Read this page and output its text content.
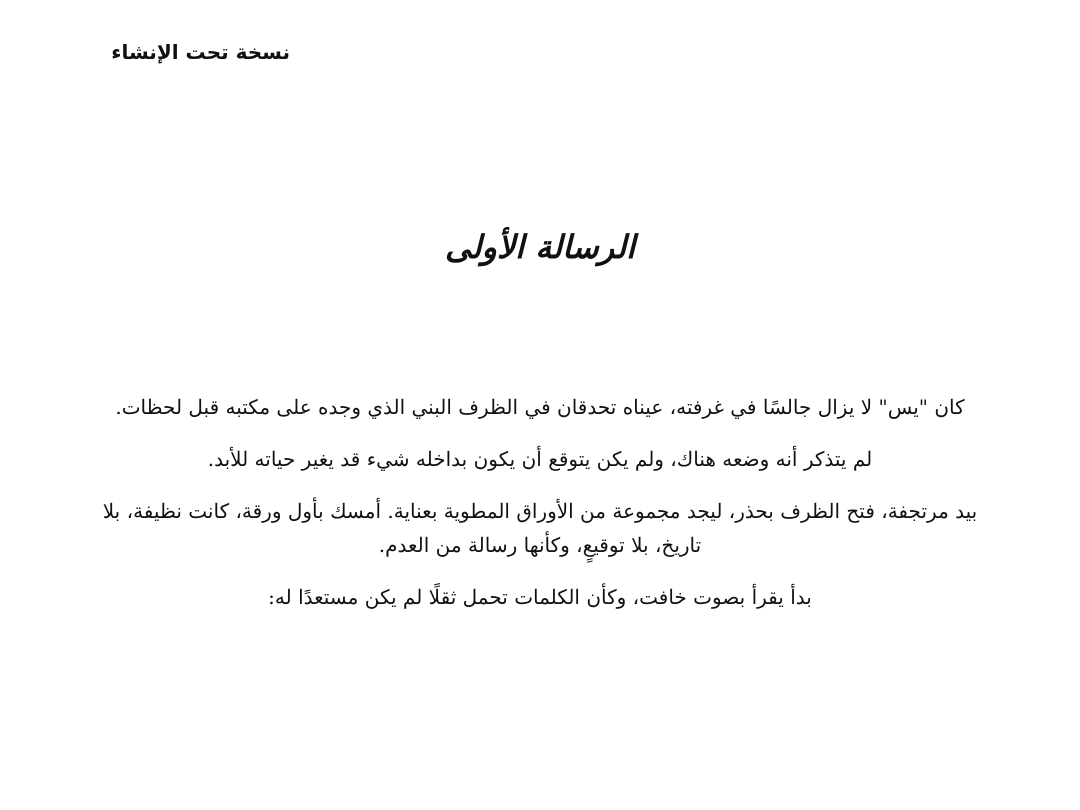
نسخة تحت الإنشاء
الرسالة الأولى

كان "يس" لا يزال جالسًا في غرفته، عيناه تحدقان في الظرف البني الذي وجده على مكتبه قبل لحظات.

لم يتذكر أنه وضعه هناك، ولم يكن يتوقع أن يكون بداخله شيء قد يغير حياته للأبد.

بيد مرتجفة، فتح الظرف بحذر، ليجد مجموعة من الأوراق المطوية بعناية. أمسك بأول ورقة، كانت نظيفة، بلا تاريخ، بلا توقيعٍ، وكأنها رسالة من العدم.

بدأ يقرأ بصوت خافت، وكأن الكلمات تحمل ثقلًا لم يكن مستعدًا له:
